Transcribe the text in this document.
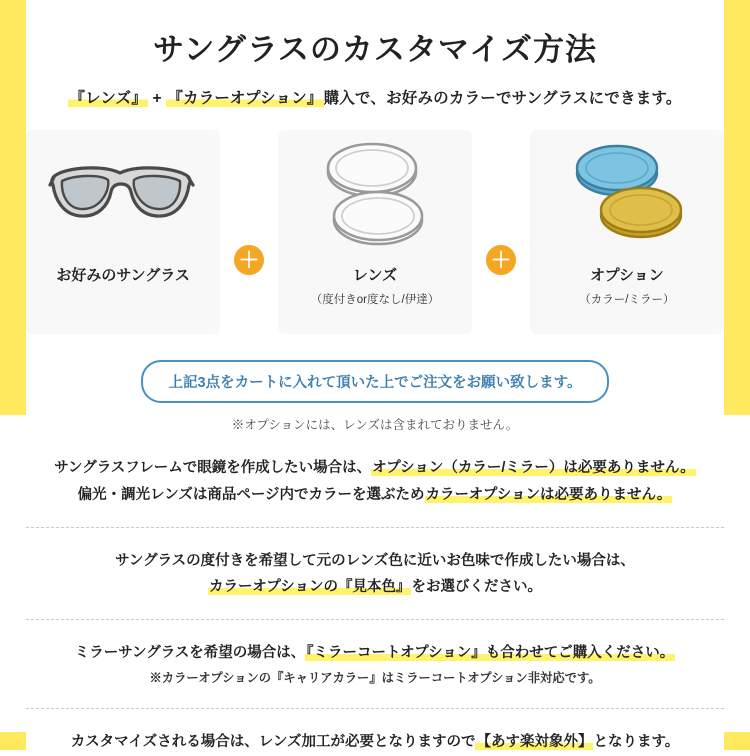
サングラスのカスタマイズ方法
『レンズ』 + 『カラーオプション』購入で、お好みのカラーでサングラスにできます。
お好みのサングラス
＋
レンズ
（度付きor度なし/伊達）
＋
オプション
（カラー/ミラー）
上記3点をカートに入れて頂いた上でご注文をお願い致します。
※オプションには、レンズは含まれておりません。
サングラスフレームで眼鏡を作成したい場合は、オプション（カラー/ミラー）は必要ありません。
偏光・調光レンズは商品ページ内でカラーを選ぶためカラーオプションは必要ありません。
サングラスの度付きを希望して元のレンズ色に近いお色味で作成したい場合は、
カラーオプションの『見本色』をお選びください。
ミラーサングラスを希望の場合は、『ミラーコートオプション』も合わせてご購入ください。
※カラーオプションの『キャリアカラー』はミラーコートオプション非対応です。
カスタマイズされる場合は、レンズ加工が必要となりますので【あす楽対象外】となります。
